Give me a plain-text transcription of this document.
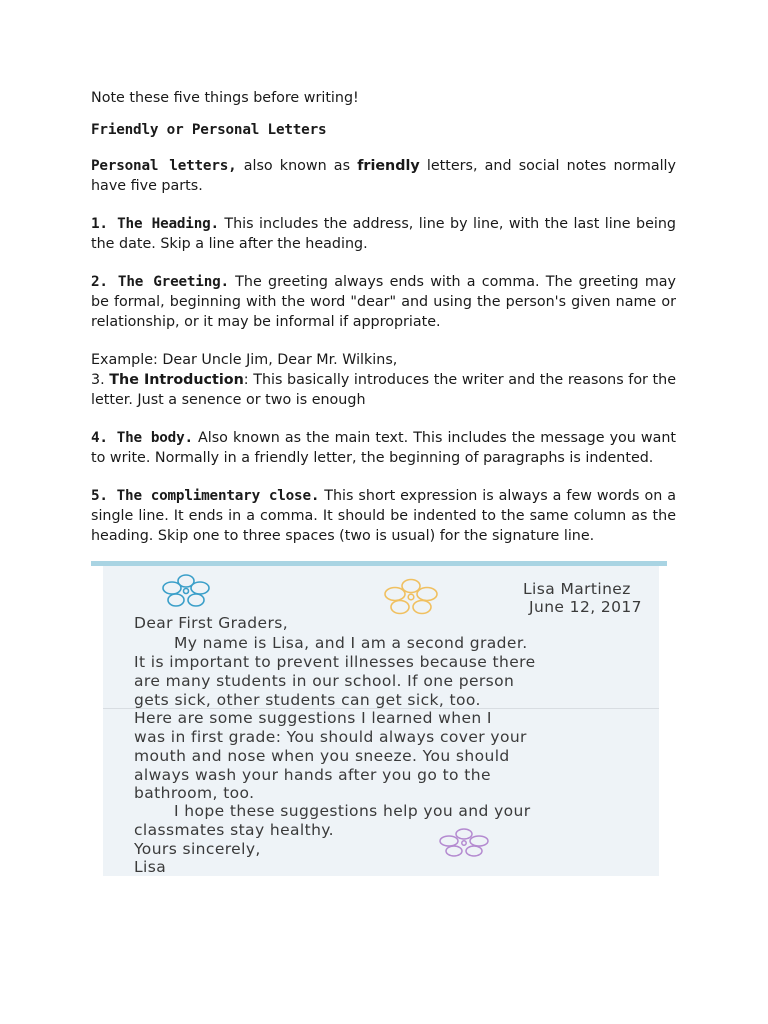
Note these five things before writing!

Friendly or Personal Letters

Personal letters, also known as friendly letters, and social notes normally have five parts.

1. The Heading. This includes the address, line by line, with the last line being the date. Skip a line after the heading.

2. The Greeting. The greeting always ends with a comma. The greeting may be formal, beginning with the word "dear" and using the person's given name or relationship, or it may be informal if appropriate.

Example: Dear Uncle Jim, Dear Mr. Wilkins,

3. The Introduction: This basically introduces the writer and the reasons for the letter. Just a senence or two is enough

4. The body. Also known as the main text. This includes the message you want to write. Normally in a friendly letter, the beginning of paragraphs is indented.

5. The complimentary close. This short expression is always a few words on a single line. It ends in a comma. It should be indented to the same column as the heading. Skip one to three spaces (two is usual) for the signature line.

Lisa Martinez
June 12, 2017
Dear First Graders,
My name is Lisa, and I am a second grader.
It is important to prevent illnesses because there
are many students in our school. If one person
gets sick, other students can get sick, too.
Here are some suggestions I learned when I
was in first grade: You should always cover your
mouth and nose when you sneeze. You should
always wash your hands after you go to the
bathroom, too.
I hope these suggestions help you and your
classmates stay healthy.
Yours sincerely,
Lisa
